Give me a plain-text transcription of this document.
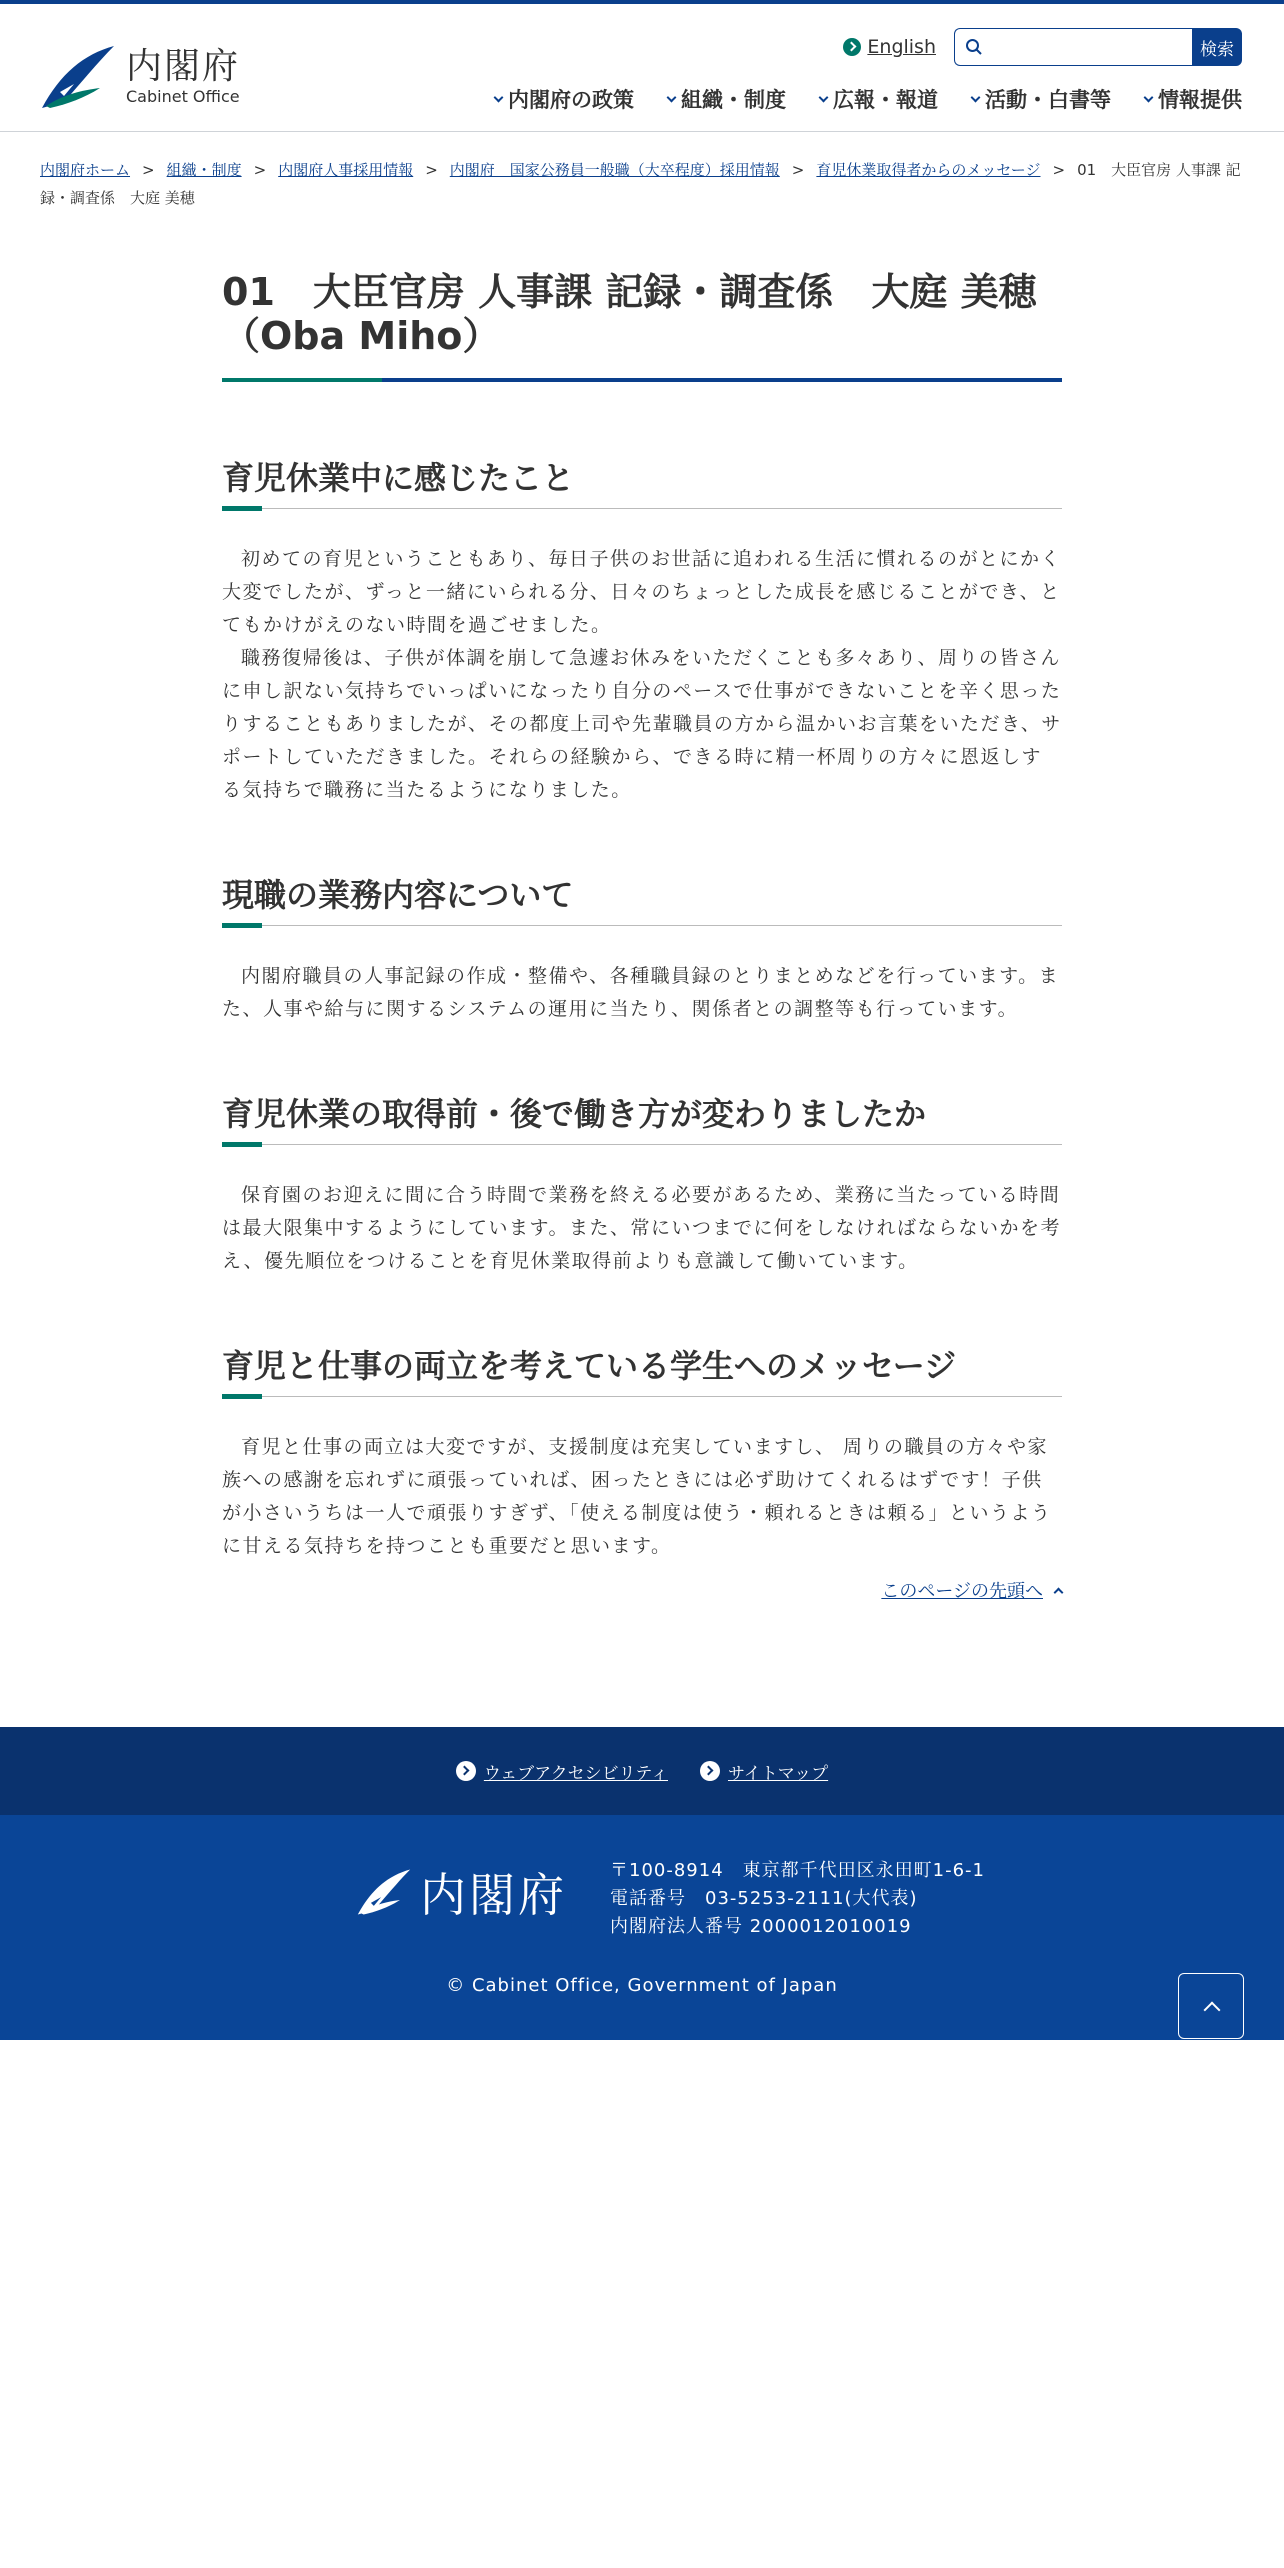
内閣府
Cabinet Office
English	検索
内閣府の政策 組織・制度 広報・報道 活動・白書等 情報提供
内閣府ホーム > 組織・制度 > 内閣府人事採用情報 > 内閣府　国家公務員一般職（大卒程度）採用情報 > 育児休業取得者からのメッセージ > 01　大臣官房 人事課 記録・調査係　大庭 美穂
01　大臣官房 人事課 記録・調査係　大庭 美穂（Oba Miho）
育児休業中に感じたこと

初めての育児ということもあり、毎日子供のお世話に追われる生活に慣れるのがとにかく大変でしたが、ずっと一緒にいられる分、日々のちょっとした成長を感じることができ、とてもかけがえのない時間を過ごせました。

職務復帰後は、子供が体調を崩して急遽お休みをいただくことも多々あり、周りの皆さんに申し訳ない気持ちでいっぱいになったり自分のペースで仕事ができないことを辛く思ったりすることもありましたが、その都度上司や先輩職員の方から温かいお言葉をいただき、サポートしていただきました。それらの経験から、できる時に精一杯周りの方々に恩返しする気持ちで職務に当たるようになりました。

現職の業務内容について

内閣府職員の人事記録の作成・整備や、各種職員録のとりまとめなどを行っています。また、人事や給与に関するシステムの運用に当たり、関係者との調整等も行っています。

育児休業の取得前・後で働き方が変わりましたか

保育園のお迎えに間に合う時間で業務を終える必要があるため、業務に当たっている時間は最大限集中するようにしています。また、常にいつまでに何をしなければならないかを考え、優先順位をつけることを育児休業取得前よりも意識して働いています。

育児と仕事の両立を考えている学生へのメッセージ

育児と仕事の両立は大変ですが、支援制度は充実していますし、 周りの職員の方々や家族への感謝を忘れずに頑張っていれば、困ったときには必ず助けてくれるはずです！子供が小さいうちは一人で頑張りすぎず、「使える制度は使う・頼れるときは頼る」というように甘える気持ちを持つことも重要だと思います。

このページの先頭へ
ウェブアクセシビリティ	サイトマップ
内閣府 〒100-8914　東京都千代田区永田町1-6-1
電話番号　03-5253-2111(大代表)
内閣府法人番号 2000012010019
© Cabinet Office, Government of Japan
